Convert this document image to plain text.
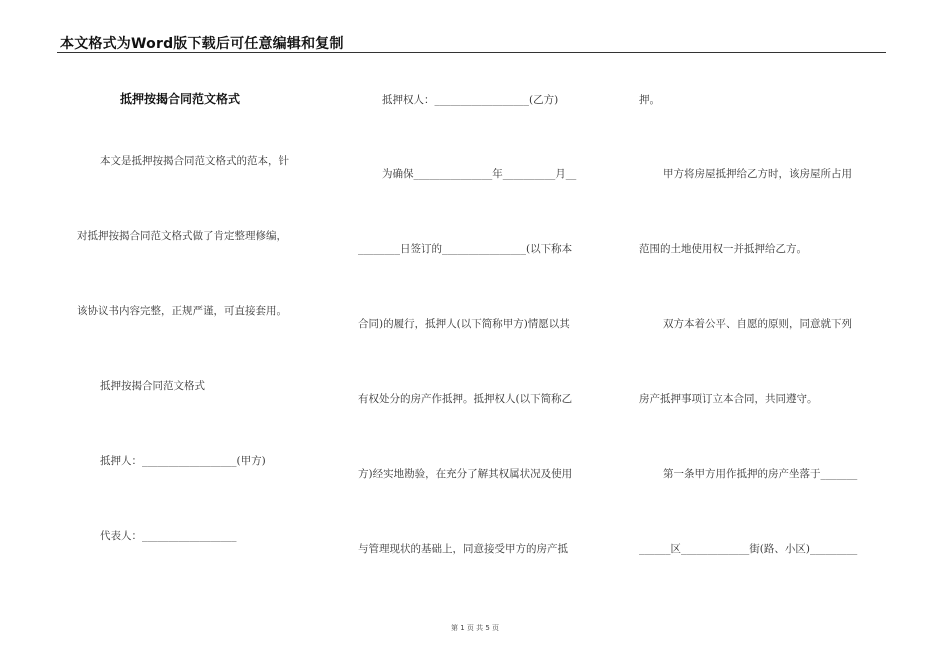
本文格式为Word版下载后可任意编辑和复制
抵押按揭合同范文格式
本文是抵押按揭合同范文格式的范本，针
对抵押按揭合同范文格式做了肯定整理修编，
该协议书内容完整，正规严谨，可直接套用。
抵押按揭合同范文格式
抵押人：__________________(甲方)
代表人：__________________
抵押权人：__________________(乙方)
为确保_______________年__________月__
________日签订的________________(以下称本
合同)的履行，抵押人(以下简称甲方)情愿以其
有权处分的房产作抵押。抵押权人(以下简称乙
方)经实地勘验，在充分了解其权属状况及使用
与管理现状的基础上，同意接受甲方的房产抵
押。
甲方将房屋抵押给乙方时，该房屋所占用
范围的土地使用权一并抵押给乙方。
双方本着公平、自愿的原则，同意就下列
房产抵押事项订立本合同，共同遵守。
第一条甲方用作抵押的房产坐落于_______
______区_____________街(路、小区)_________
第 1 页 共 5 页
